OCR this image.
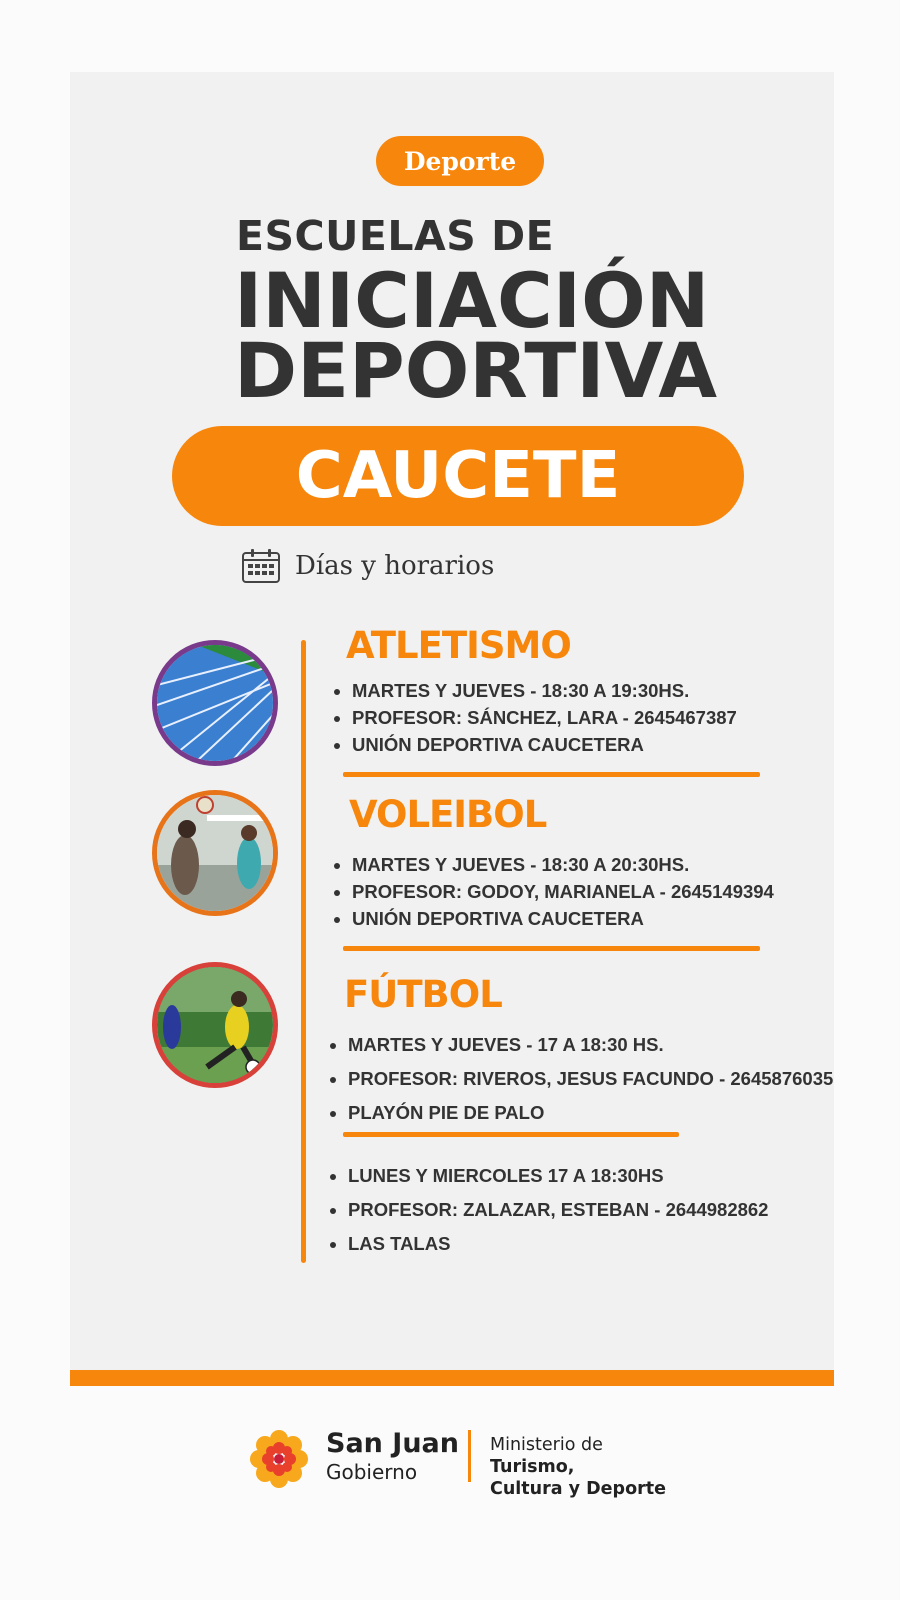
Deporte
ESCUELAS DE
INICIACIÓN
DEPORTIVA
CAUCETE
Días y horarios
ATLETISMO
• MARTES Y JUEVES - 18:30 A 19:30HS.
• PROFESOR: SÁNCHEZ, LARA - 2645467387
• UNIÓN DEPORTIVA CAUCETERA
VOLEIBOL
• MARTES Y JUEVES - 18:30 A 20:30HS.
• PROFESOR: GODOY, MARIANELA - 2645149394
• UNIÓN DEPORTIVA CAUCETERA
FÚTBOL
• MARTES Y JUEVES - 17 A 18:30 HS.
• PROFESOR: RIVEROS, JESUS FACUNDO - 2645876035
• PLAYÓN PIE DE PALO
• LUNES Y MIERCOLES 17 A 18:30HS
• PROFESOR: ZALAZAR, ESTEBAN - 2644982862
• LAS TALAS
San Juan
Gobierno
Ministerio de Turismo,
Cultura y Deporte
